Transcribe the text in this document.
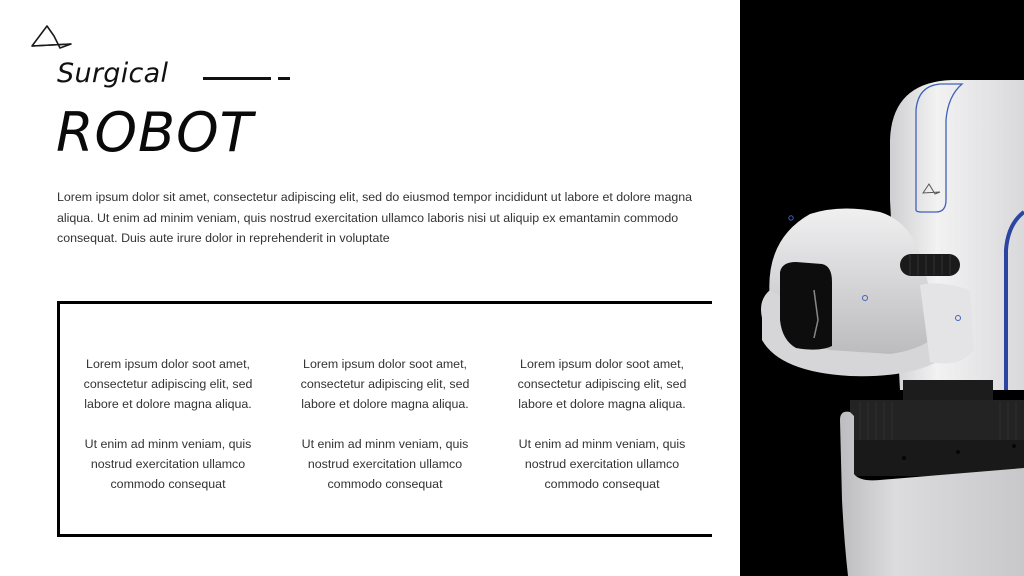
Surgical
ROBOT
Lorem ipsum dolor sit amet, consectetur adipiscing elit, sed do eiusmod tempor incididunt ut labore et dolore magna aliqua. Ut enim ad minim veniam, quis nostrud exercitation ullamco laboris nisi ut aliquip ex emantamin commodo consequat. Duis aute irure dolor in reprehenderit in voluptate

Lorem ipsum dolor soot amet, consectetur adipiscing elit, sed labore et dolore magna aliqua.

Ut enim ad minm veniam, quis nostrud exercitation ullamco commodo consequat

Lorem ipsum dolor soot amet, consectetur adipiscing elit, sed labore et dolore magna aliqua.

Ut enim ad minm veniam, quis nostrud exercitation ullamco commodo consequat

Lorem ipsum dolor soot amet, consectetur adipiscing elit, sed labore et dolore magna aliqua.

Ut enim ad minm veniam, quis nostrud exercitation ullamco commodo consequat
